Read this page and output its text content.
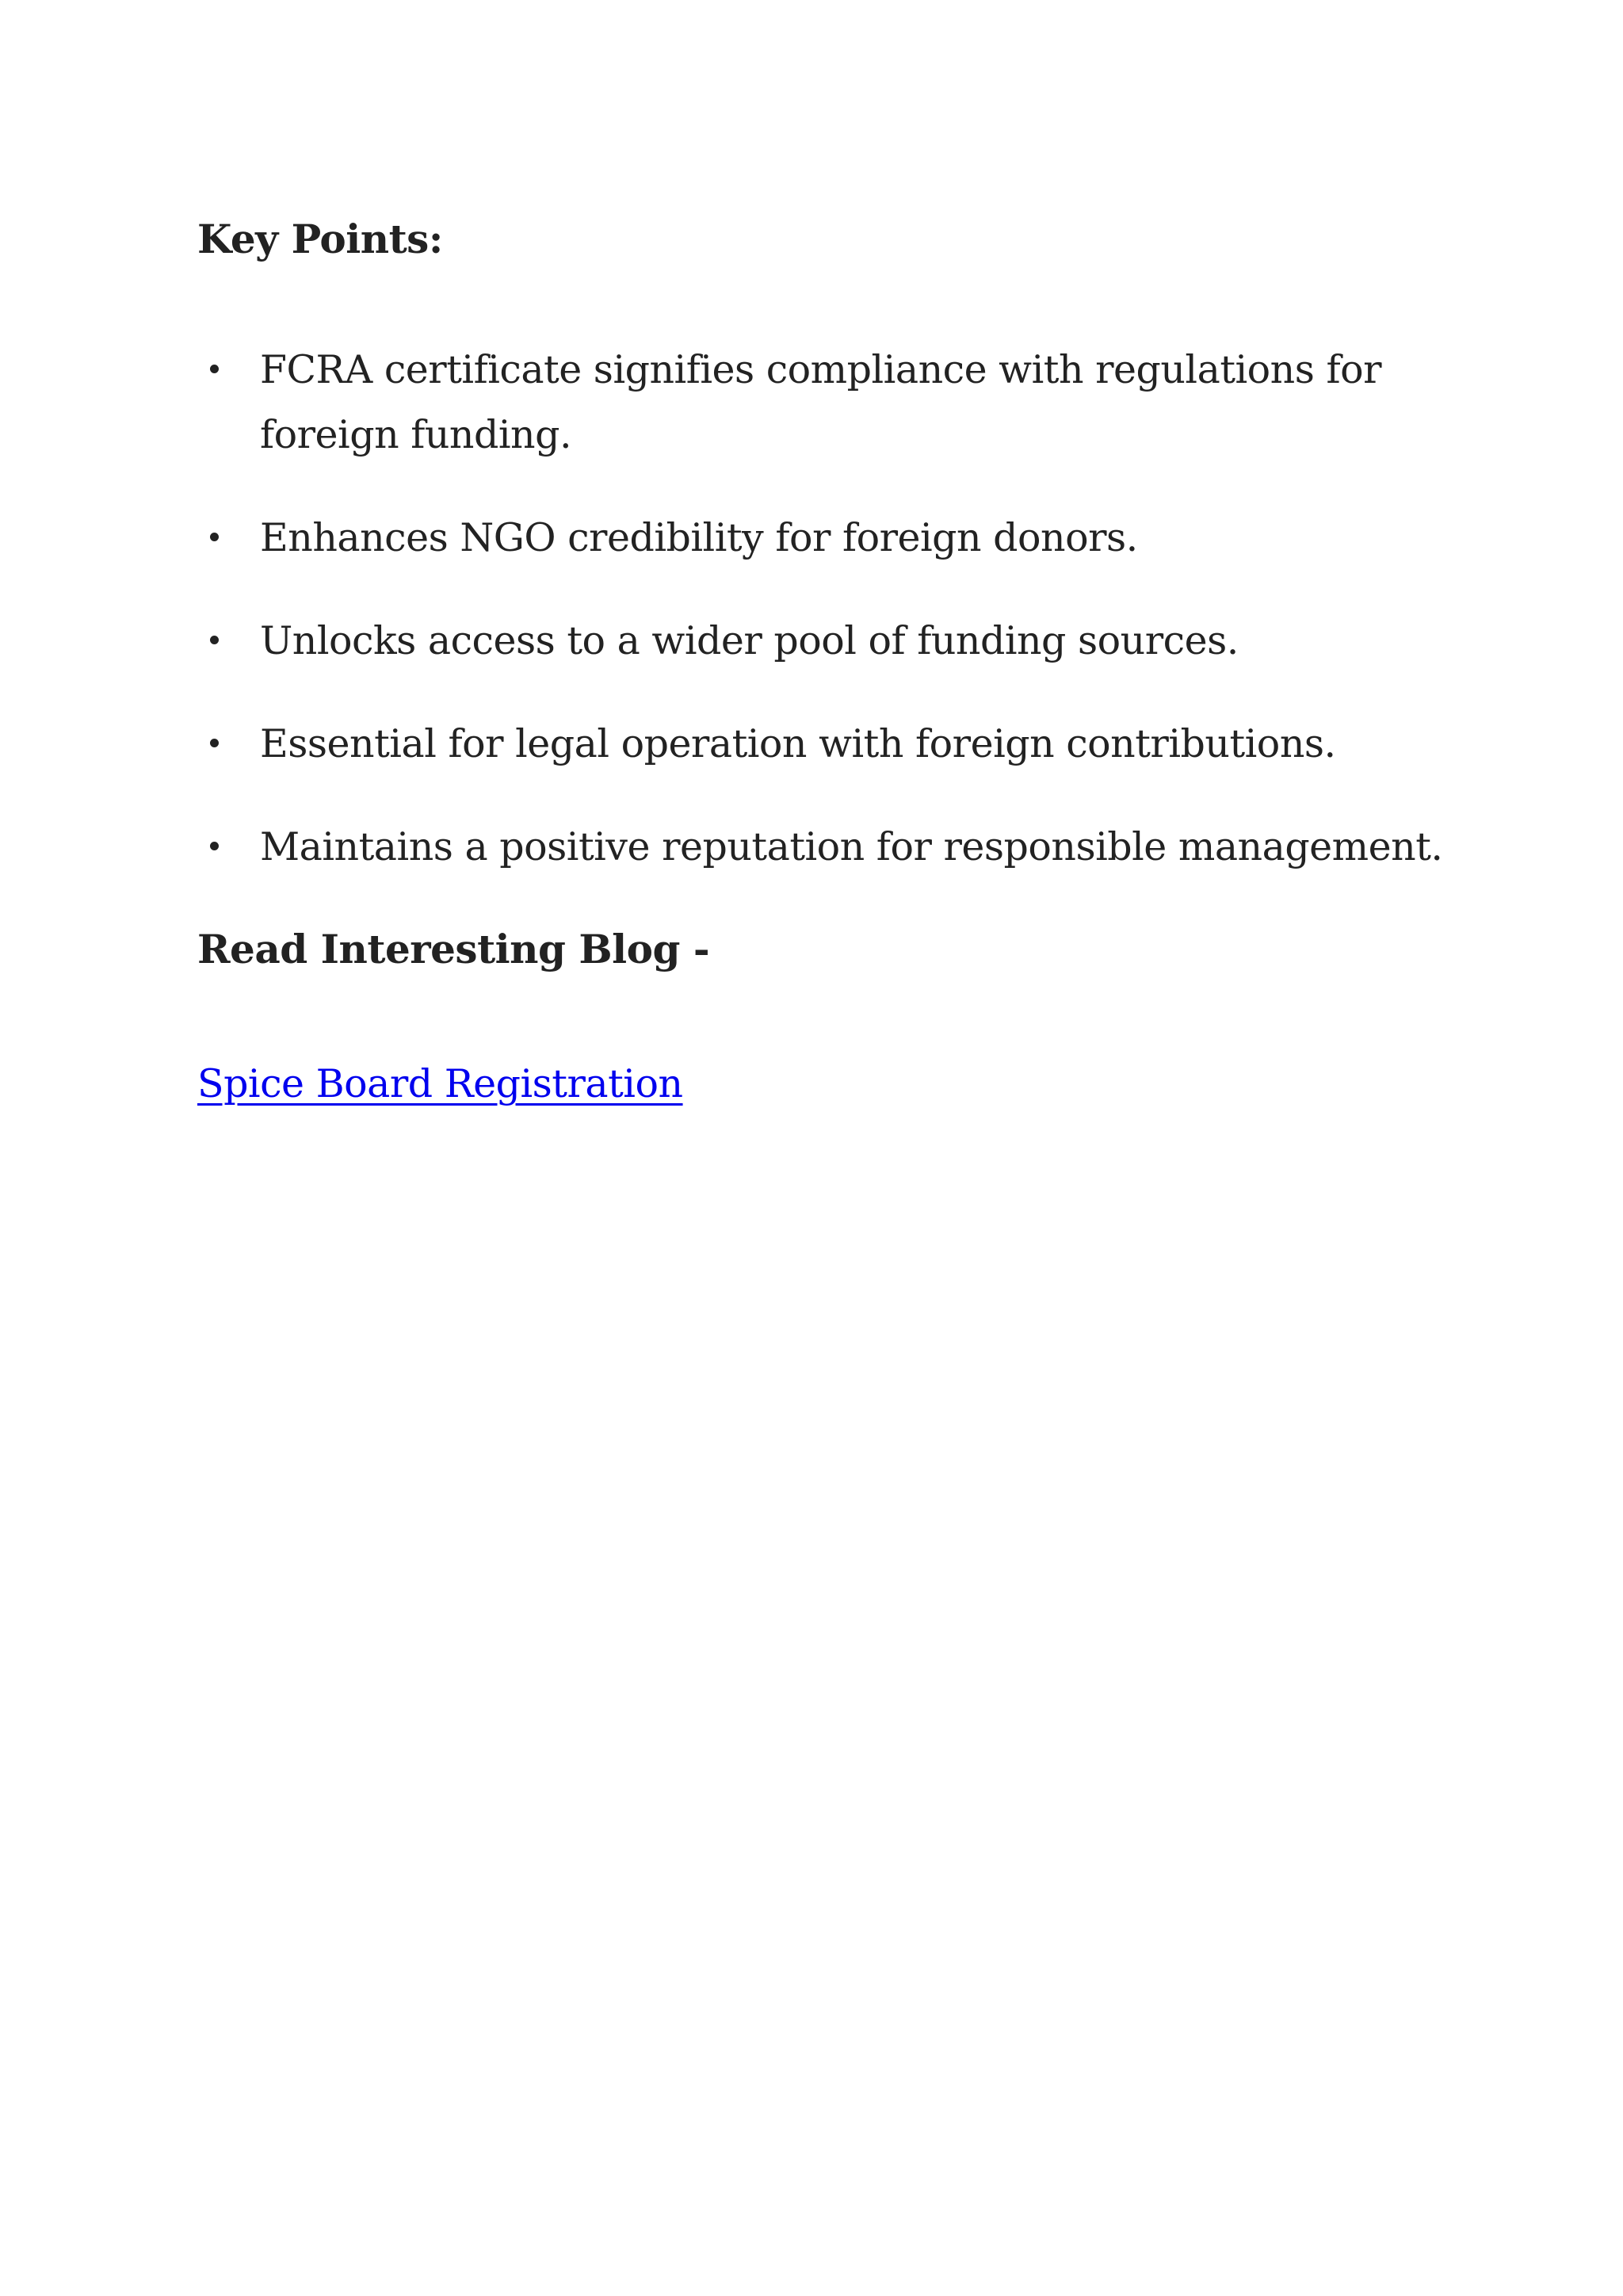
Key Points:
FCRA certificate signifies compliance with regulations for foreign funding.
Enhances NGO credibility for foreign donors.
Unlocks access to a wider pool of funding sources.
Essential for legal operation with foreign contributions.
Maintains a positive reputation for responsible management.
Read Interesting Blog -
Spice Board Registration
